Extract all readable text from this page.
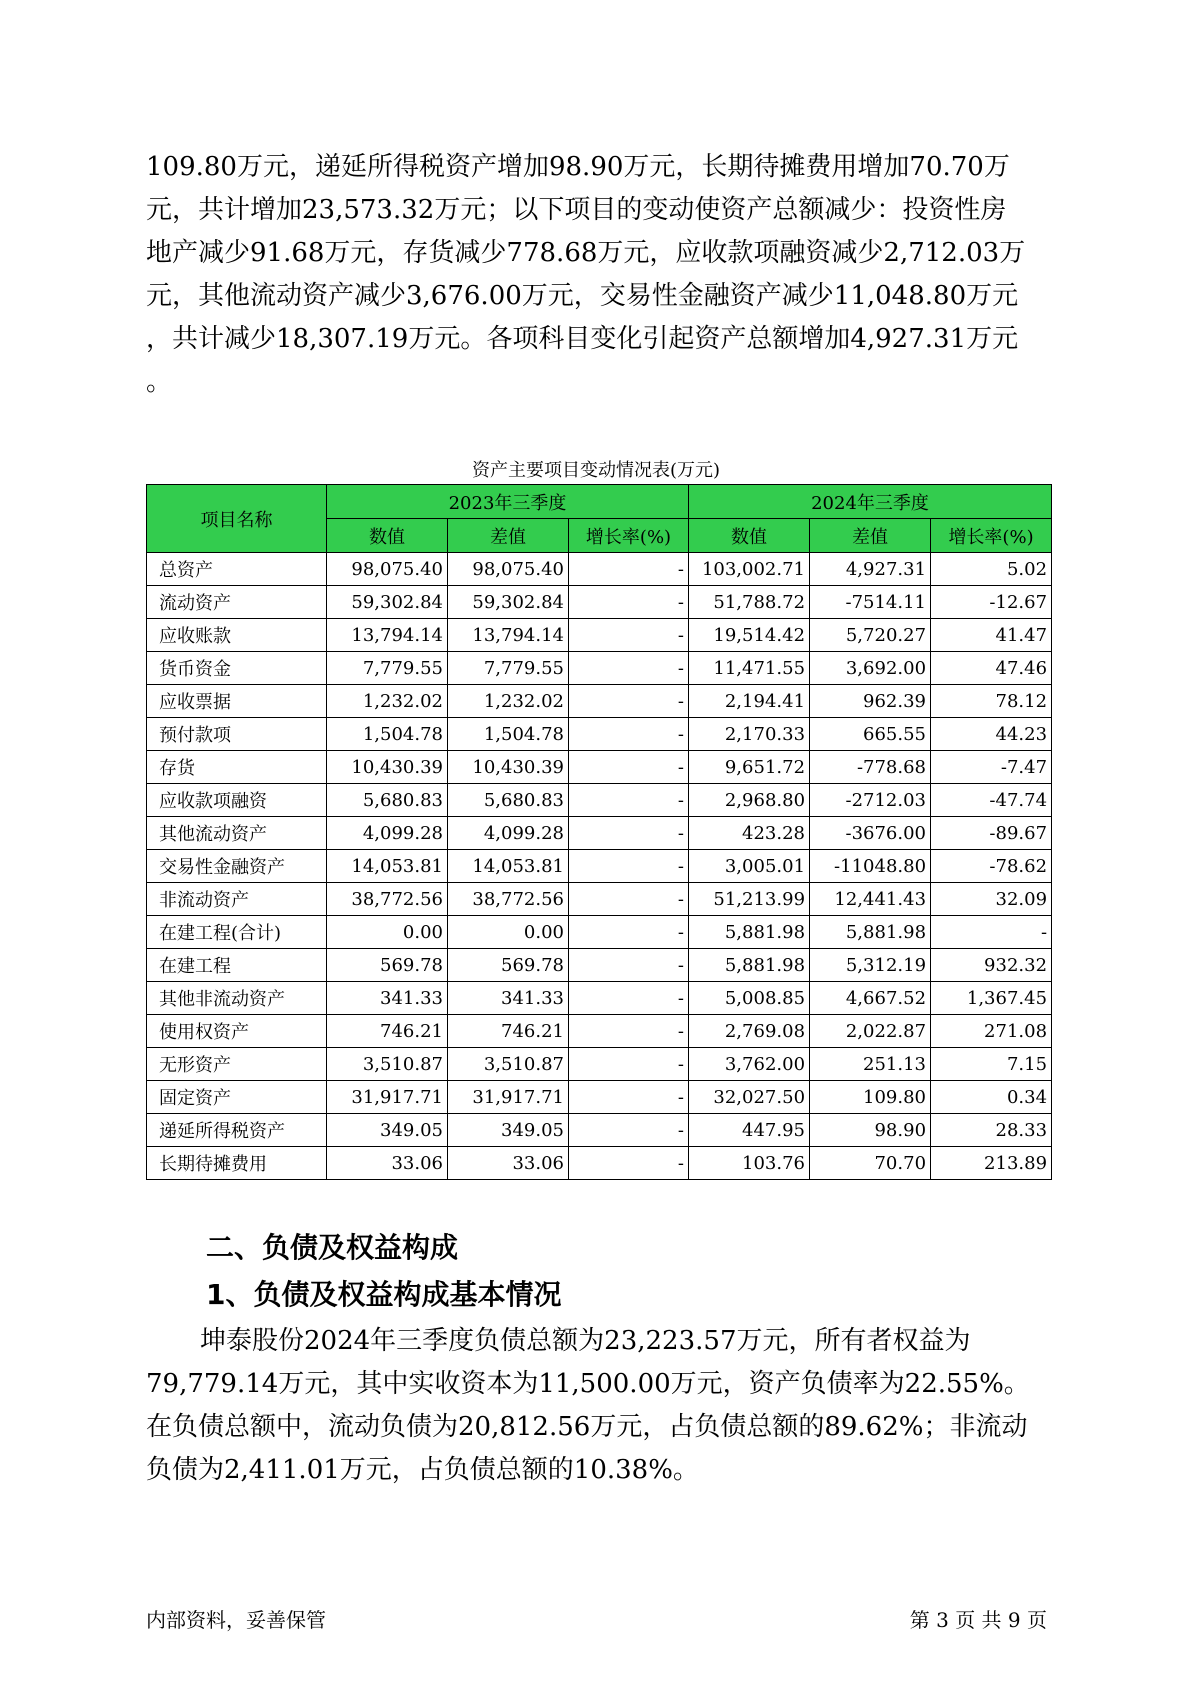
109.80万元，递延所得税资产增加98.90万元，长期待摊费用增加70.70万
元，共计增加23,573.32万元；以下项目的变动使资产总额减少：投资性房
地产减少91.68万元，存货减少778.68万元，应收款项融资减少2,712.03万
元，其他流动资产减少3,676.00万元，交易性金融资产减少11,048.80万元
，共计减少18,307.19万元。各项科目变化引起资产总额增加4,927.31万元
。

资产主要项目变动情况表(万元)
项目名称	2023年三季度			2024年三季度		
	数值	差值	增长率(%)	数值	差值	增长率(%)
总资产	98,075.40	98,075.40	-	103,002.71	4,927.31	5.02
流动资产	59,302.84	59,302.84	-	51,788.72	-7514.11	-12.67
应收账款	13,794.14	13,794.14	-	19,514.42	5,720.27	41.47
货币资金	7,779.55	7,779.55	-	11,471.55	3,692.00	47.46
应收票据	1,232.02	1,232.02	-	2,194.41	962.39	78.12
预付款项	1,504.78	1,504.78	-	2,170.33	665.55	44.23
存货	10,430.39	10,430.39	-	9,651.72	-778.68	-7.47
应收款项融资	5,680.83	5,680.83	-	2,968.80	-2712.03	-47.74
其他流动资产	4,099.28	4,099.28	-	423.28	-3676.00	-89.67
交易性金融资产	14,053.81	14,053.81	-	3,005.01	-11048.80	-78.62
非流动资产	38,772.56	38,772.56	-	51,213.99	12,441.43	32.09
在建工程(合计)	0.00	0.00	-	5,881.98	5,881.98	-
在建工程	569.78	569.78	-	5,881.98	5,312.19	932.32
其他非流动资产	341.33	341.33	-	5,008.85	4,667.52	1,367.45
使用权资产	746.21	746.21	-	2,769.08	2,022.87	271.08
无形资产	3,510.87	3,510.87	-	3,762.00	251.13	7.15
固定资产	31,917.71	31,917.71	-	32,027.50	109.80	0.34
递延所得税资产	349.05	349.05	-	447.95	98.90	28.33
长期待摊费用	33.06	33.06	-	103.76	70.70	213.89
二、负债及权益构成
1、负债及权益构成基本情况

坤泰股份2024年三季度负债总额为23,223.57万元，所有者权益为
79,779.14万元，其中实收资本为11,500.00万元，资产负债率为22.55%。
在负债总额中，流动负债为20,812.56万元，占负债总额的89.62%；非流动
负债为2,411.01万元，占负债总额的10.38%。

内部资料，妥善保管	第 3 页 共 9 页
